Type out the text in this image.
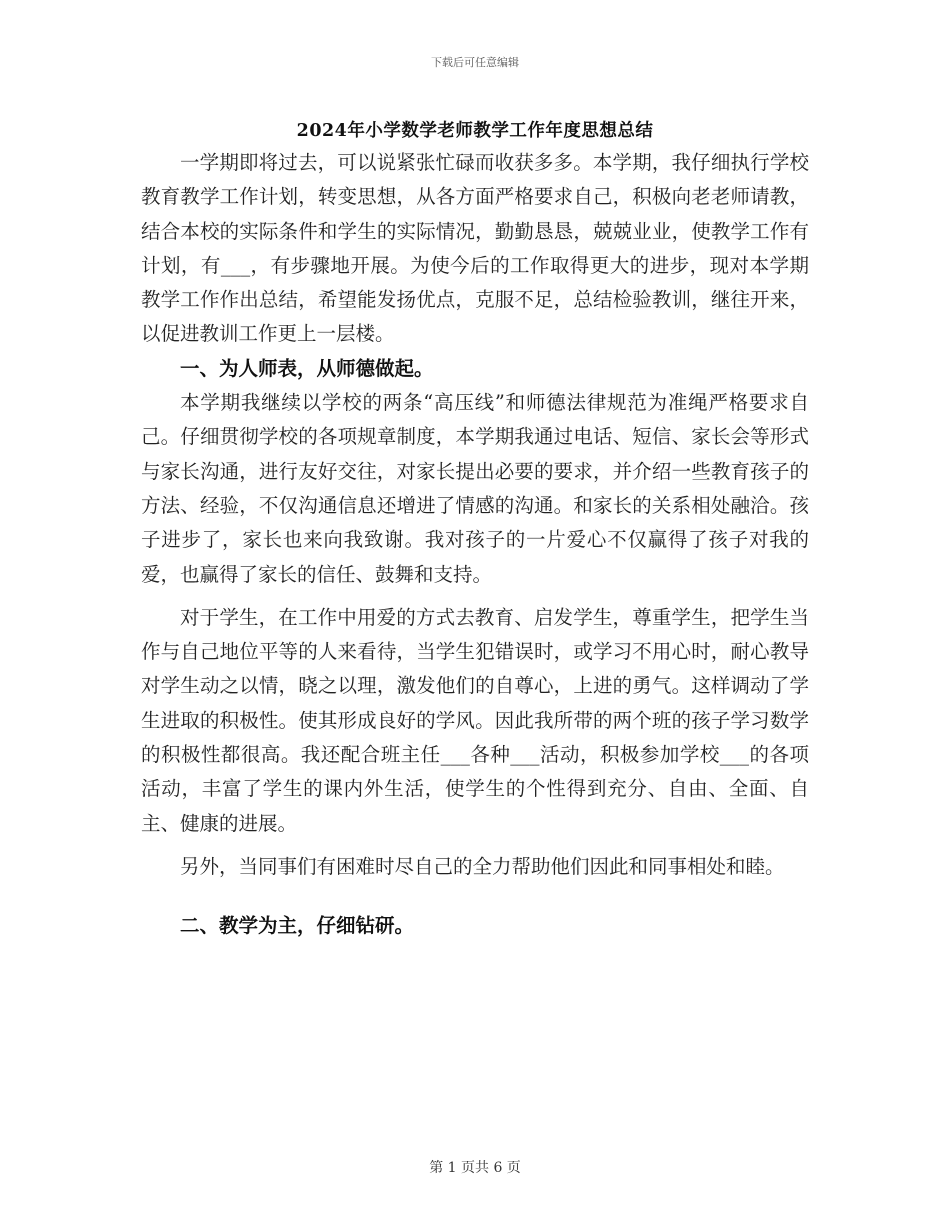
下载后可任意编辑
2024年小学数学老师教学工作年度思想总结

一学期即将过去，可以说紧张忙碌而收获多多。本学期，我仔细执行学校教育教学工作计划，转变思想，从各方面严格要求自己，积极向老老师请教，结合本校的实际条件和学生的实际情况，勤勤恳恳，兢兢业业，使教学工作有计划，有___，有步骤地开展。为使今后的工作取得更大的进步，现对本学期教学工作作出总结，希望能发扬优点，克服不足，总结检验教训，继往开来，以促进教训工作更上一层楼。

一、为人师表，从师德做起。

本学期我继续以学校的两条“高压线”和师德法律规范为准绳严格要求自己。仔细贯彻学校的各项规章制度，本学期我通过电话、短信、家长会等形式与家长沟通，进行友好交往，对家长提出必要的要求，并介绍一些教育孩子的方法、经验，不仅沟通信息还增进了情感的沟通。和家长的关系相处融洽。孩子进步了，家长也来向我致谢。我对孩子的一片爱心不仅赢得了孩子对我的爱，也赢得了家长的信任、鼓舞和支持。

对于学生，在工作中用爱的方式去教育、启发学生，尊重学生，把学生当作与自己地位平等的人来看待，当学生犯错误时，或学习不用心时，耐心教导对学生动之以情，晓之以理，激发他们的自尊心，上进的勇气。这样调动了学生进取的积极性。使其形成良好的学风。因此我所带的两个班的孩子学习数学的积极性都很高。我还配合班主任___各种___活动，积极参加学校___的各项活动，丰富了学生的课内外生活，使学生的个性得到充分、自由、全面、自主、健康的进展。

另外，当同事们有困难时尽自己的全力帮助他们因此和同事相处和睦。

二、教学为主，仔细钻研。

第 1 页共 6 页
